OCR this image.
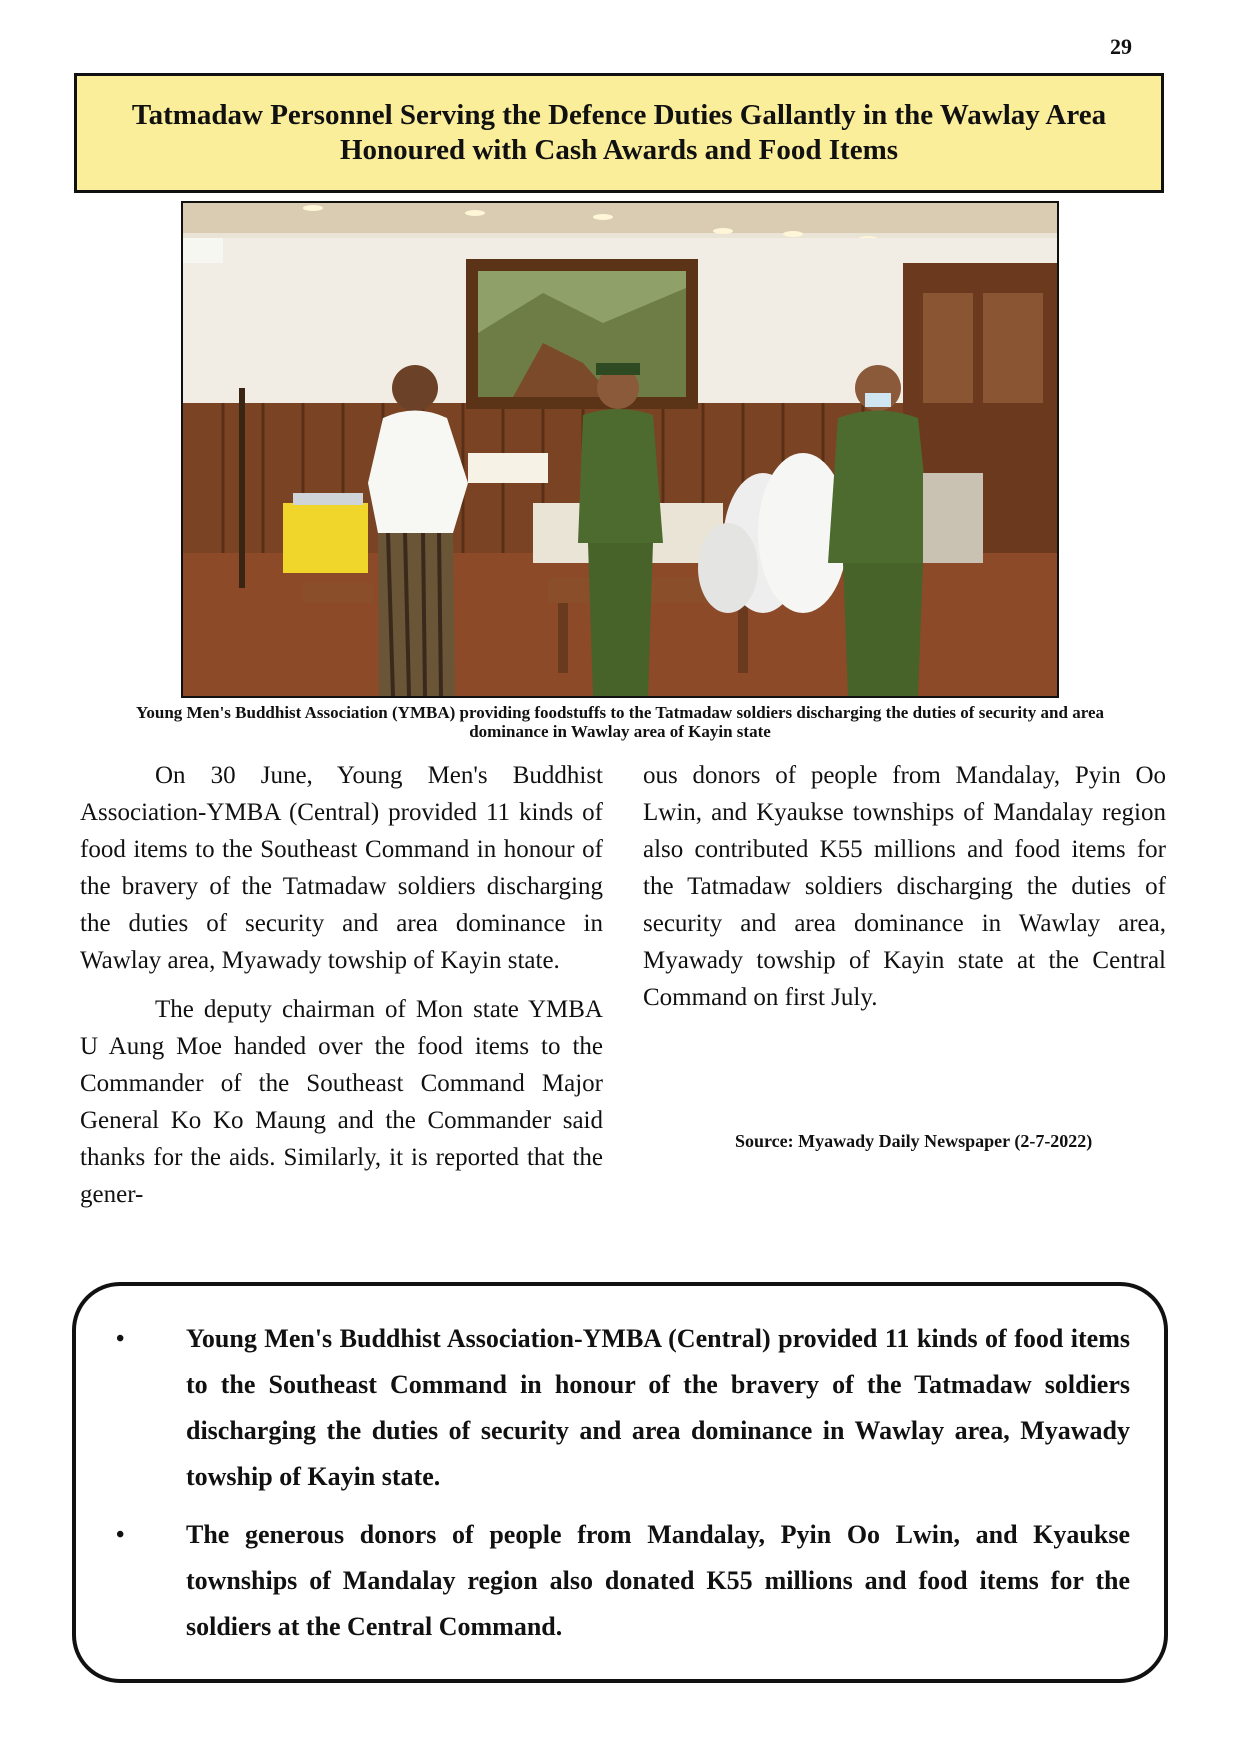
29
Tatmadaw Personnel Serving the Defence Duties Gallantly in the Wawlay Area Honoured with Cash Awards and Food Items
Young Men's Buddhist Association (YMBA) providing foodstuffs to the Tatmadaw soldiers discharging the duties of security and area dominance in Wawlay area of Kayin state

On 30 June, Young Men's Buddhist Association-YMBA (Central) provided 11 kinds of food items to the Southeast Command in honour of the bravery of the Tatmadaw soldiers discharging the duties of security and area dominance in Wawlay area, Myawady towship of Kayin state.

The deputy chairman of Mon state YMBA U Aung Moe handed over the food items to the Commander of the Southeast Command Major General Ko Ko Maung and the Commander said thanks for the aids. Similarly, it is reported that the gener-

ous donors of people from Mandalay, Pyin Oo Lwin, and Kyaukse townships of Mandalay region also contributed K55 millions and food items for the Tatmadaw soldiers discharging the duties of security and area dominance in Wawlay area, Myawady towship of Kayin state at the Central Command on first July.

Source: Myawady Daily Newspaper (2-7-2022)
•	Young Men's Buddhist Association-YMBA (Central) provided 11 kinds of food items to the Southeast Command in honour of the bravery of the Tatmadaw soldiers discharging the duties of security and area dominance in Wawlay area, Myawady towship of Kayin state.
•	The generous donors of people from Mandalay, Pyin Oo Lwin, and Kyaukse townships of Mandalay region also donated K55 millions and food items for the soldiers at the Central Command.
